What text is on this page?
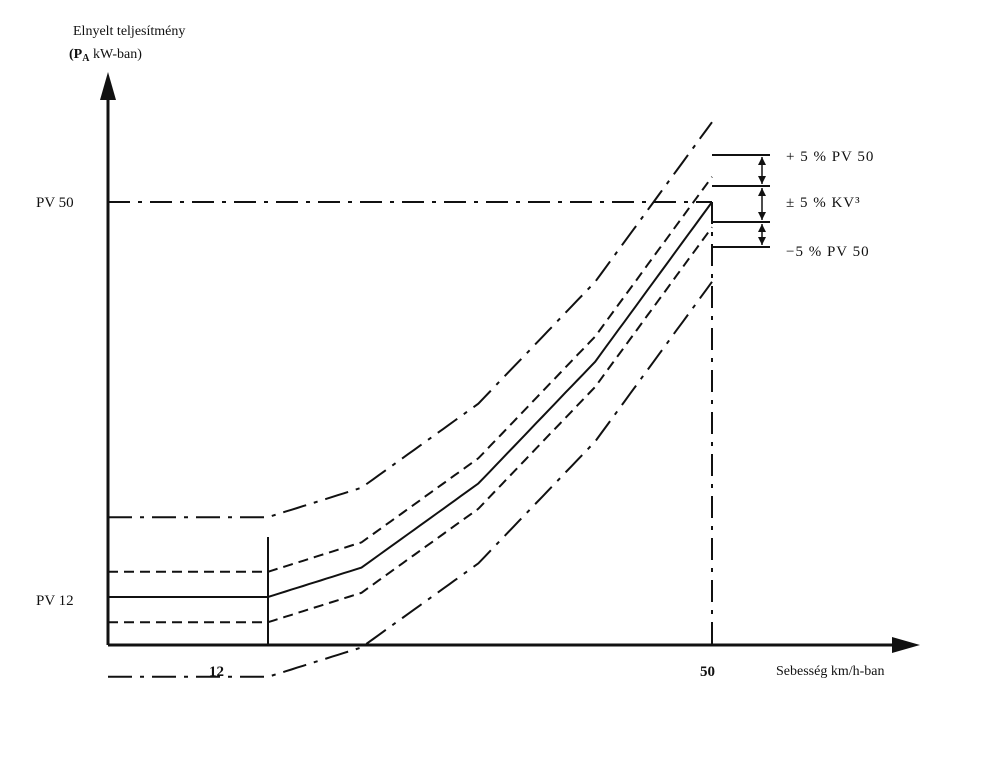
Elnyelt teljesítmény
($P_A$ kW-ban)
Sebesség km/h-ban
PV 50
PV 12
12	50
+ 5 % PV 50
± 5 % KV³
−5 % PV 50
